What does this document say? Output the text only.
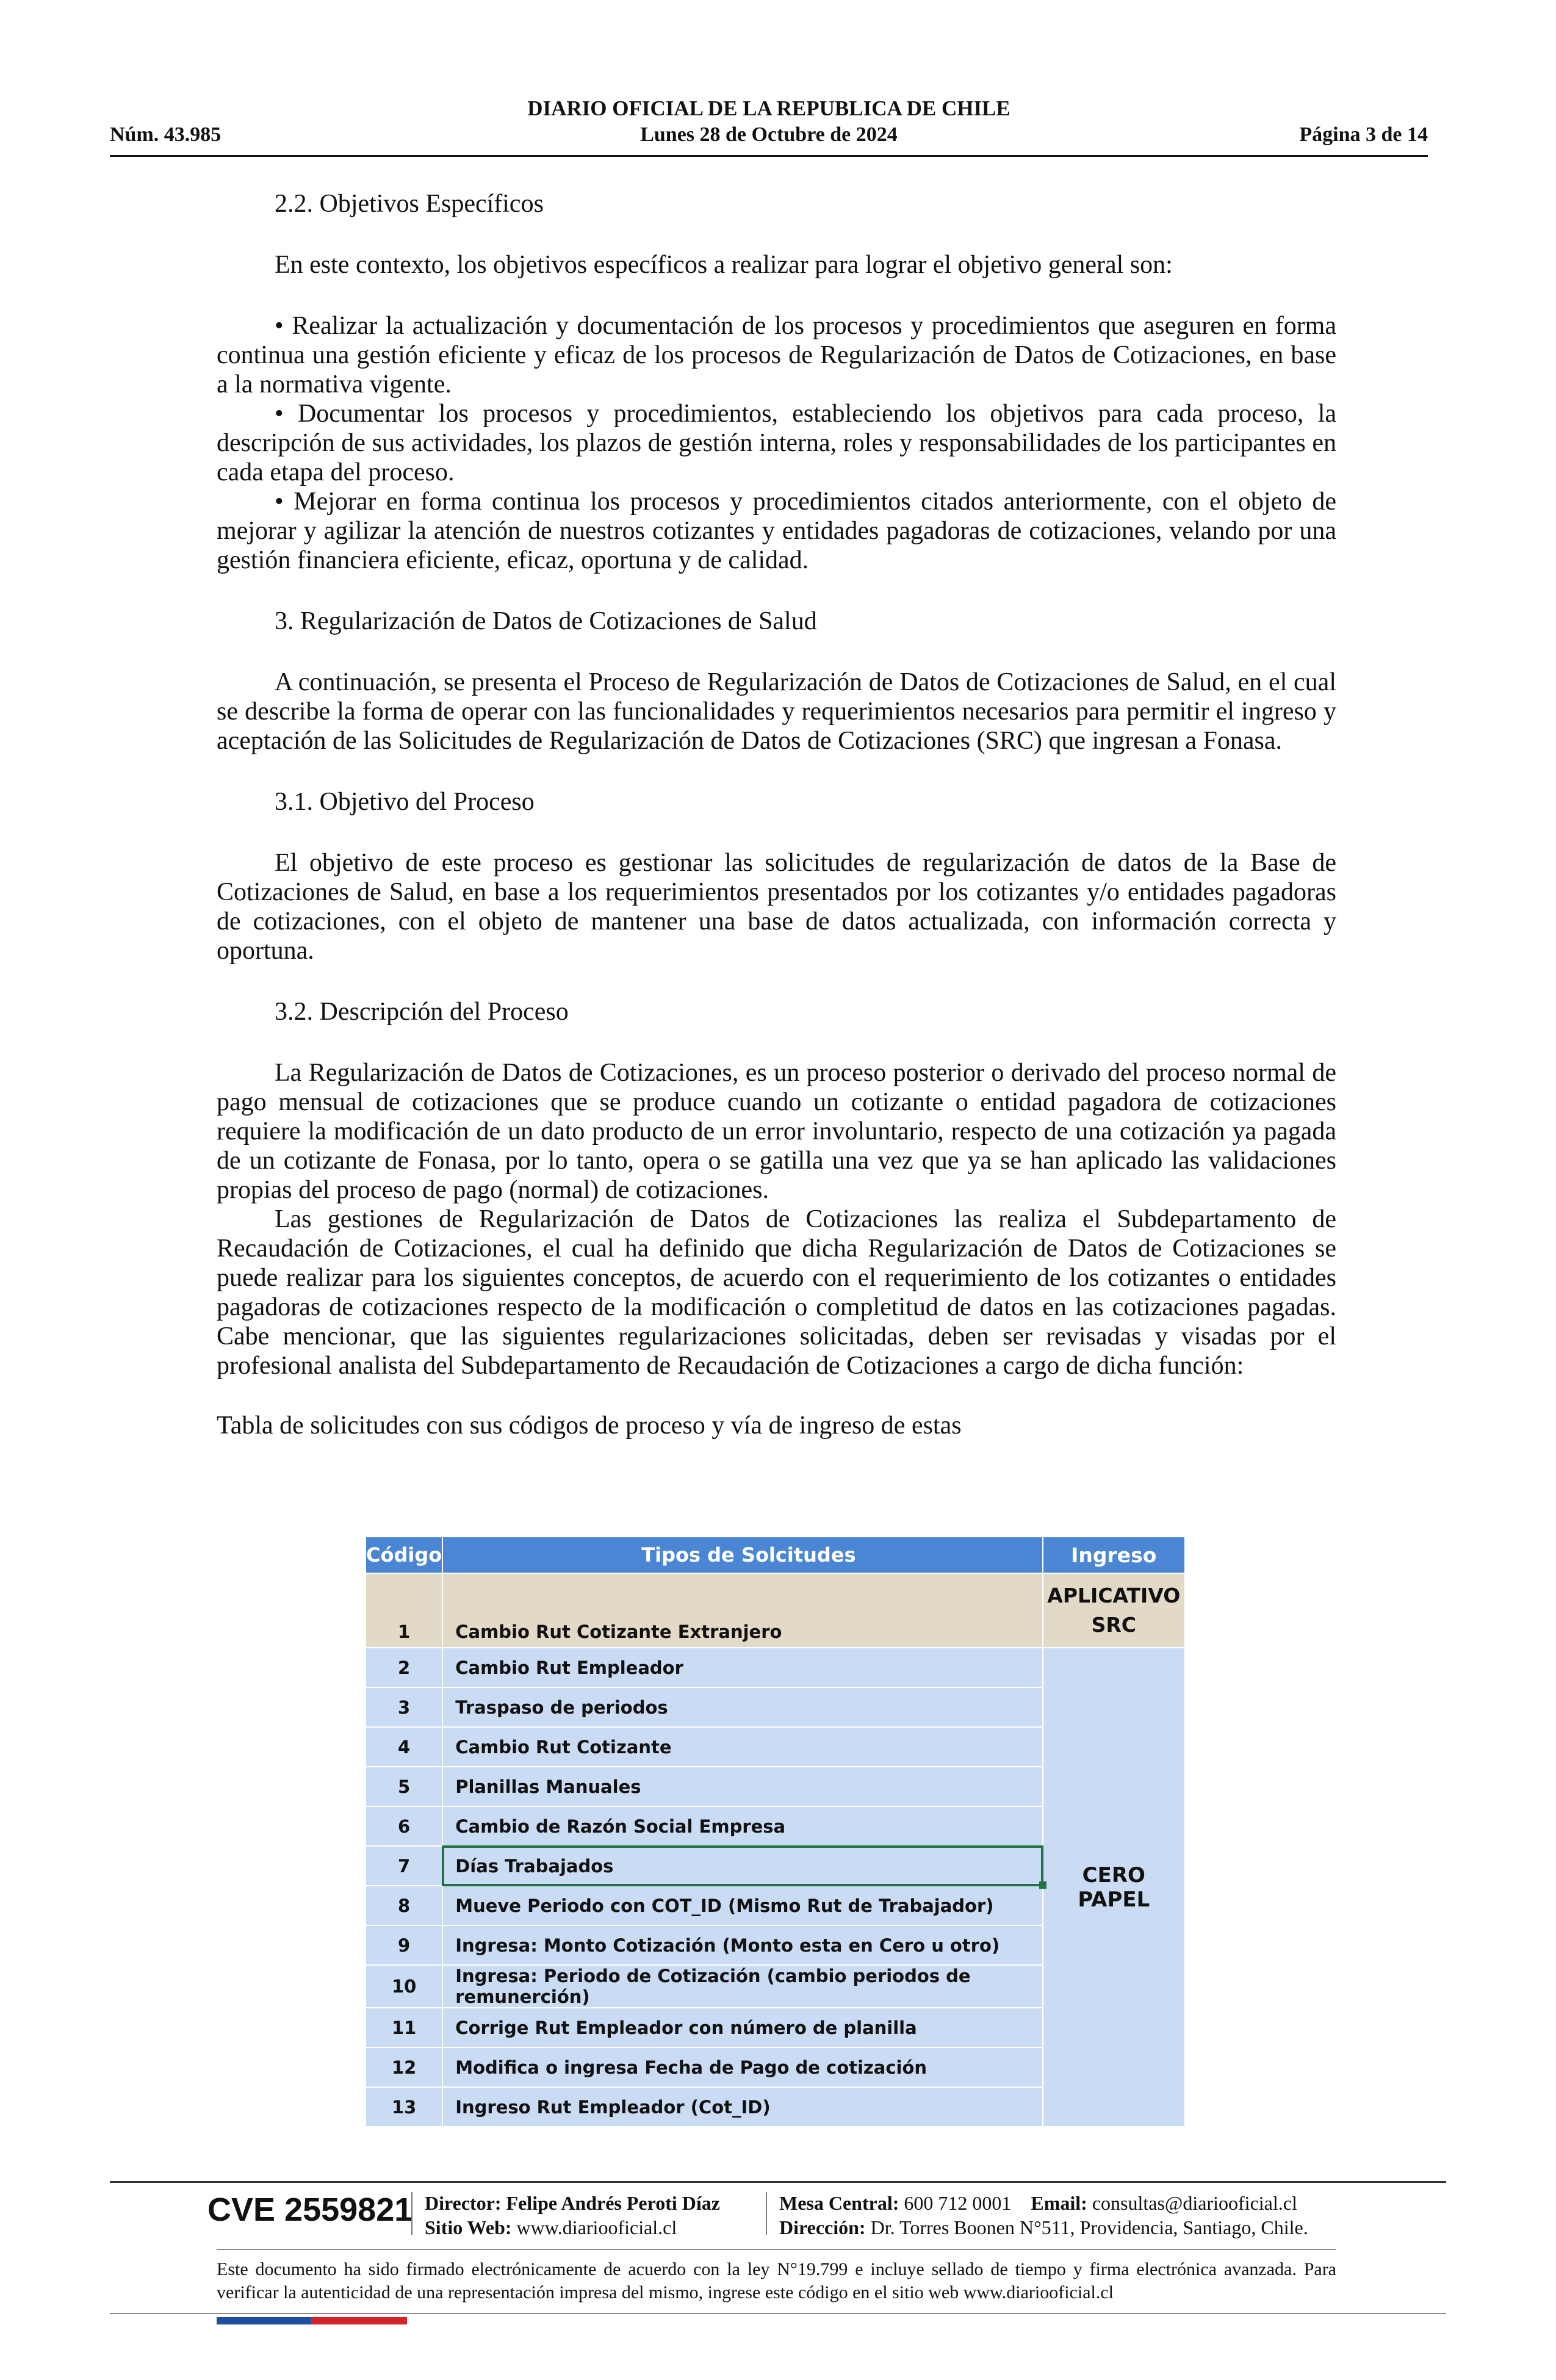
DIARIO OFICIAL DE LA REPUBLICA DE CHILE
Núm. 43.985	Lunes 28 de Octubre de 2024	Página 3 de 14

2.2. Objetivos Específicos

En este contexto, los objetivos específicos a realizar para lograr el objetivo general son:

• Realizar la actualización y documentación de los procesos y procedimientos que aseguren en forma continua una gestión eficiente y eficaz de los procesos de Regularización de Datos de Cotizaciones, en base a la normativa vigente.

• Documentar los procesos y procedimientos, estableciendo los objetivos para cada proceso, la descripción de sus actividades, los plazos de gestión interna, roles y responsabilidades de los participantes en cada etapa del proceso.

• Mejorar en forma continua los procesos y procedimientos citados anteriormente, con el objeto de mejorar y agilizar la atención de nuestros cotizantes y entidades pagadoras de cotizaciones, velando por una gestión financiera eficiente, eficaz, oportuna y de calidad.

3. Regularización de Datos de Cotizaciones de Salud

A continuación, se presenta el Proceso de Regularización de Datos de Cotizaciones de Salud, en el cual se describe la forma de operar con las funcionalidades y requerimientos necesarios para permitir el ingreso y aceptación de las Solicitudes de Regularización de Datos de Cotizaciones (SRC) que ingresan a Fonasa.

3.1. Objetivo del Proceso

El objetivo de este proceso es gestionar las solicitudes de regularización de datos de la Base de Cotizaciones de Salud, en base a los requerimientos presentados por los cotizantes y/o entidades pagadoras de cotizaciones, con el objeto de mantener una base de datos actualizada, con información correcta y oportuna.

3.2. Descripción del Proceso

La Regularización de Datos de Cotizaciones, es un proceso posterior o derivado del proceso normal de pago mensual de cotizaciones que se produce cuando un cotizante o entidad pagadora de cotizaciones requiere la modificación de un dato producto de un error involuntario, respecto de una cotización ya pagada de un cotizante de Fonasa, por lo tanto, opera o se gatilla una vez que ya se han aplicado las validaciones propias del proceso de pago (normal) de cotizaciones.

Las gestiones de Regularización de Datos de Cotizaciones las realiza el Subdepartamento de Recaudación de Cotizaciones, el cual ha definido que dicha Regularización de Datos de Cotizaciones se puede realizar para los siguientes conceptos, de acuerdo con el requerimiento de los cotizantes o entidades pagadoras de cotizaciones respecto de la modificación o completitud de datos en las cotizaciones pagadas. Cabe mencionar, que las siguientes regularizaciones solicitadas, deben ser revisadas y visadas por el profesional analista del Subdepartamento de Recaudación de Cotizaciones a cargo de dicha función:

Tabla de solicitudes con sus códigos de proceso y vía de ingreso de estas

Código	Tipos de Solcitudes	Ingreso
1	Cambio Rut Cotizante Extranjero	APLICATIVO
SRC
2	Cambio Rut Empleador	CERO PAPEL
3	Traspaso de periodos	
4	Cambio Rut Cotizante	
5	Planillas Manuales	
6	Cambio de Razón Social Empresa	
7	Días Trabajados	
8	Mueve Periodo con COT_ID (Mismo Rut de Trabajador)	
9	Ingresa: Monto Cotización (Monto esta en Cero u otro)	
10	Ingresa: Periodo de Cotización (cambio periodos de remunerción)	
11	Corrige Rut Empleador con número de planilla	
12	Modifica o ingresa Fecha de Pago de cotización	
13	Ingreso Rut Empleador (Cot_ID)	
CVE 2559821 Director: Felipe Andrés Peroti Díaz
Sitio Web: www.diariooficial.cl
Mesa Central: 600 712 0001 Email: consultas@diariooficial.cl
Dirección: Dr. Torres Boonen N°511, Providencia, Santiago, Chile.
Este documento ha sido firmado electrónicamente de acuerdo con la ley N°19.799 e incluye sellado de tiempo y firma electrónica avanzada. Para verificar la autenticidad de una representación impresa del mismo, ingrese este código en el sitio web www.diariooficial.cl
